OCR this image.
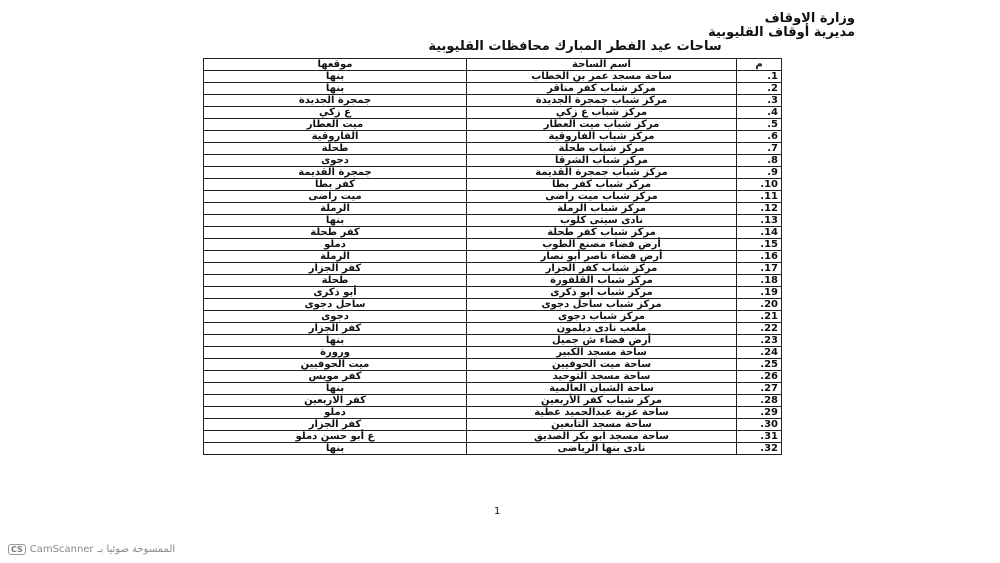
وزارة الاوقاف
مديرية أوقاف القليوبية
ساحات عيد الفطر المبارك محافظات القليوبية
م	اسم الساحة	موقعها
.1	ساحة مسجد عمر بن الخطاب	بنها
.2	مركز شباب كفر مناقر	بنها
.3	مركز شباب جمجرة الجديدة	جمجرة الجديدة
.4	مركز شباب ع زكي	ع زكي
.5	مركز شباب ميت العطار	ميت العطار
.6	مركز شباب الفاروقية	الفاروقية
.7	مركز شباب طحلة	طحلة
.8	مركز شباب الشرقا	دجوى
.9	مركز شباب جمجرة القديمة	جمجرة القديمة
.10	مركز شباب كفر بطا	كفر بطا
.11	مركز شباب ميت راضى	ميت راضى
.12	مركز شباب الرملة	الرملة
.13	نادى سيتى كلوب	بنها
.14	مركز شباب كفر طحلة	كفر طحلة
.15	أرض فضاء مصنع الطوب	دملو
.16	أرض فضاء ناصر أبو نصار	الرملة
.17	مركز شباب كفر الجزار	كفر الجزار
.18	مركز شباب القلفورة	طحلة
.19	مركز شباب ابو ذكرى	أبو ذكرى
.20	مركز شباب ساحل دجوى	ساحل دجوى
.21	مركز شباب دجوى	دجوى
.22	ملعب نادى ديلمون	كفر الجزار
.23	أرض فضاء ش جميل	بنها
.24	ساحة مسجد الكبير	ورورة
.25	ساحة ميت الحوفيين	ميت الحوفيين
.26	ساحة مسجد التوحيد	كفر مويس
.27	ساحة الشبان العالمية	بنها
.28	مركز شباب كفر الأربعين	كفر الاربعين
.29	ساحة عزبة عبدالحميد عطية	دملو
.30	ساحة مسجد التابعين	كفر الجزار
.31	ساحة مسجد ابو بكر الصديق	ع أبو حسن دملو
.32	نادى بنها الرياضى	بنها
1
CS CamScanner الممسوحة ضوئيا بـ
